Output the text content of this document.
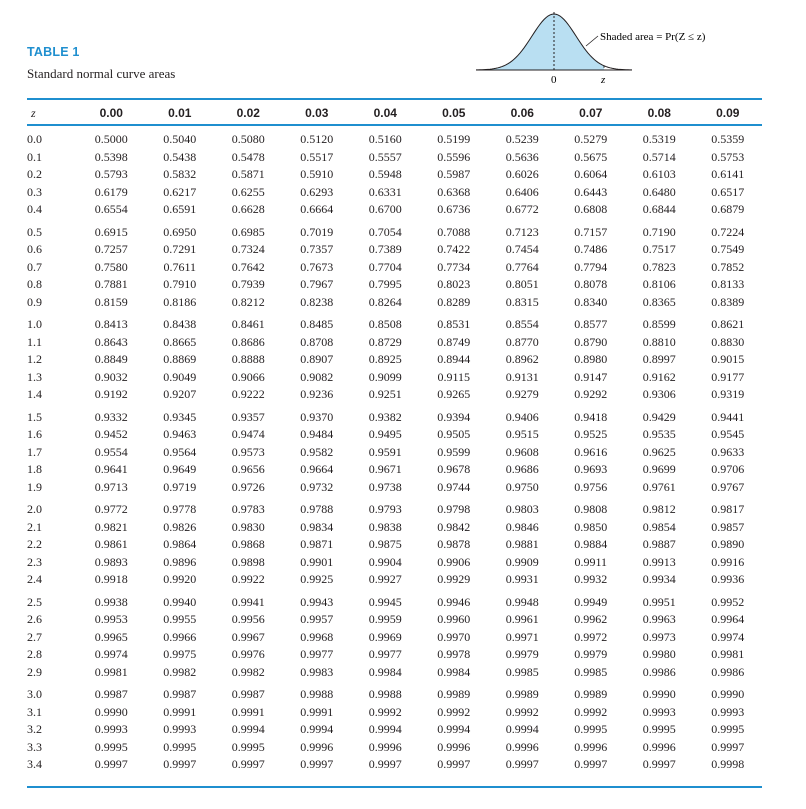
TABLE 1
Standard normal curve areas
Shaded area = Pr(Z ≤ z)
0	z
z	0.00	0.01	0.02	0.03	0.04	0.05	0.06	0.07	0.08	0.09
0.0	0.5000	0.5040	0.5080	0.5120	0.5160	0.5199	0.5239	0.5279	0.5319	0.5359
0.1	0.5398	0.5438	0.5478	0.5517	0.5557	0.5596	0.5636	0.5675	0.5714	0.5753
0.2	0.5793	0.5832	0.5871	0.5910	0.5948	0.5987	0.6026	0.6064	0.6103	0.6141
0.3	0.6179	0.6217	0.6255	0.6293	0.6331	0.6368	0.6406	0.6443	0.6480	0.6517
0.4	0.6554	0.6591	0.6628	0.6664	0.6700	0.6736	0.6772	0.6808	0.6844	0.6879
0.5	0.6915	0.6950	0.6985	0.7019	0.7054	0.7088	0.7123	0.7157	0.7190	0.7224
0.6	0.7257	0.7291	0.7324	0.7357	0.7389	0.7422	0.7454	0.7486	0.7517	0.7549
0.7	0.7580	0.7611	0.7642	0.7673	0.7704	0.7734	0.7764	0.7794	0.7823	0.7852
0.8	0.7881	0.7910	0.7939	0.7967	0.7995	0.8023	0.8051	0.8078	0.8106	0.8133
0.9	0.8159	0.8186	0.8212	0.8238	0.8264	0.8289	0.8315	0.8340	0.8365	0.8389
1.0	0.8413	0.8438	0.8461	0.8485	0.8508	0.8531	0.8554	0.8577	0.8599	0.8621
1.1	0.8643	0.8665	0.8686	0.8708	0.8729	0.8749	0.8770	0.8790	0.8810	0.8830
1.2	0.8849	0.8869	0.8888	0.8907	0.8925	0.8944	0.8962	0.8980	0.8997	0.9015
1.3	0.9032	0.9049	0.9066	0.9082	0.9099	0.9115	0.9131	0.9147	0.9162	0.9177
1.4	0.9192	0.9207	0.9222	0.9236	0.9251	0.9265	0.9279	0.9292	0.9306	0.9319
1.5	0.9332	0.9345	0.9357	0.9370	0.9382	0.9394	0.9406	0.9418	0.9429	0.9441
1.6	0.9452	0.9463	0.9474	0.9484	0.9495	0.9505	0.9515	0.9525	0.9535	0.9545
1.7	0.9554	0.9564	0.9573	0.9582	0.9591	0.9599	0.9608	0.9616	0.9625	0.9633
1.8	0.9641	0.9649	0.9656	0.9664	0.9671	0.9678	0.9686	0.9693	0.9699	0.9706
1.9	0.9713	0.9719	0.9726	0.9732	0.9738	0.9744	0.9750	0.9756	0.9761	0.9767
2.0	0.9772	0.9778	0.9783	0.9788	0.9793	0.9798	0.9803	0.9808	0.9812	0.9817
2.1	0.9821	0.9826	0.9830	0.9834	0.9838	0.9842	0.9846	0.9850	0.9854	0.9857
2.2	0.9861	0.9864	0.9868	0.9871	0.9875	0.9878	0.9881	0.9884	0.9887	0.9890
2.3	0.9893	0.9896	0.9898	0.9901	0.9904	0.9906	0.9909	0.9911	0.9913	0.9916
2.4	0.9918	0.9920	0.9922	0.9925	0.9927	0.9929	0.9931	0.9932	0.9934	0.9936
2.5	0.9938	0.9940	0.9941	0.9943	0.9945	0.9946	0.9948	0.9949	0.9951	0.9952
2.6	0.9953	0.9955	0.9956	0.9957	0.9959	0.9960	0.9961	0.9962	0.9963	0.9964
2.7	0.9965	0.9966	0.9967	0.9968	0.9969	0.9970	0.9971	0.9972	0.9973	0.9974
2.8	0.9974	0.9975	0.9976	0.9977	0.9977	0.9978	0.9979	0.9979	0.9980	0.9981
2.9	0.9981	0.9982	0.9982	0.9983	0.9984	0.9984	0.9985	0.9985	0.9986	0.9986
3.0	0.9987	0.9987	0.9987	0.9988	0.9988	0.9989	0.9989	0.9989	0.9990	0.9990
3.1	0.9990	0.9991	0.9991	0.9991	0.9992	0.9992	0.9992	0.9992	0.9993	0.9993
3.2	0.9993	0.9993	0.9994	0.9994	0.9994	0.9994	0.9994	0.9995	0.9995	0.9995
3.3	0.9995	0.9995	0.9995	0.9996	0.9996	0.9996	0.9996	0.9996	0.9996	0.9997
3.4	0.9997	0.9997	0.9997	0.9997	0.9997	0.9997	0.9997	0.9997	0.9997	0.9998
